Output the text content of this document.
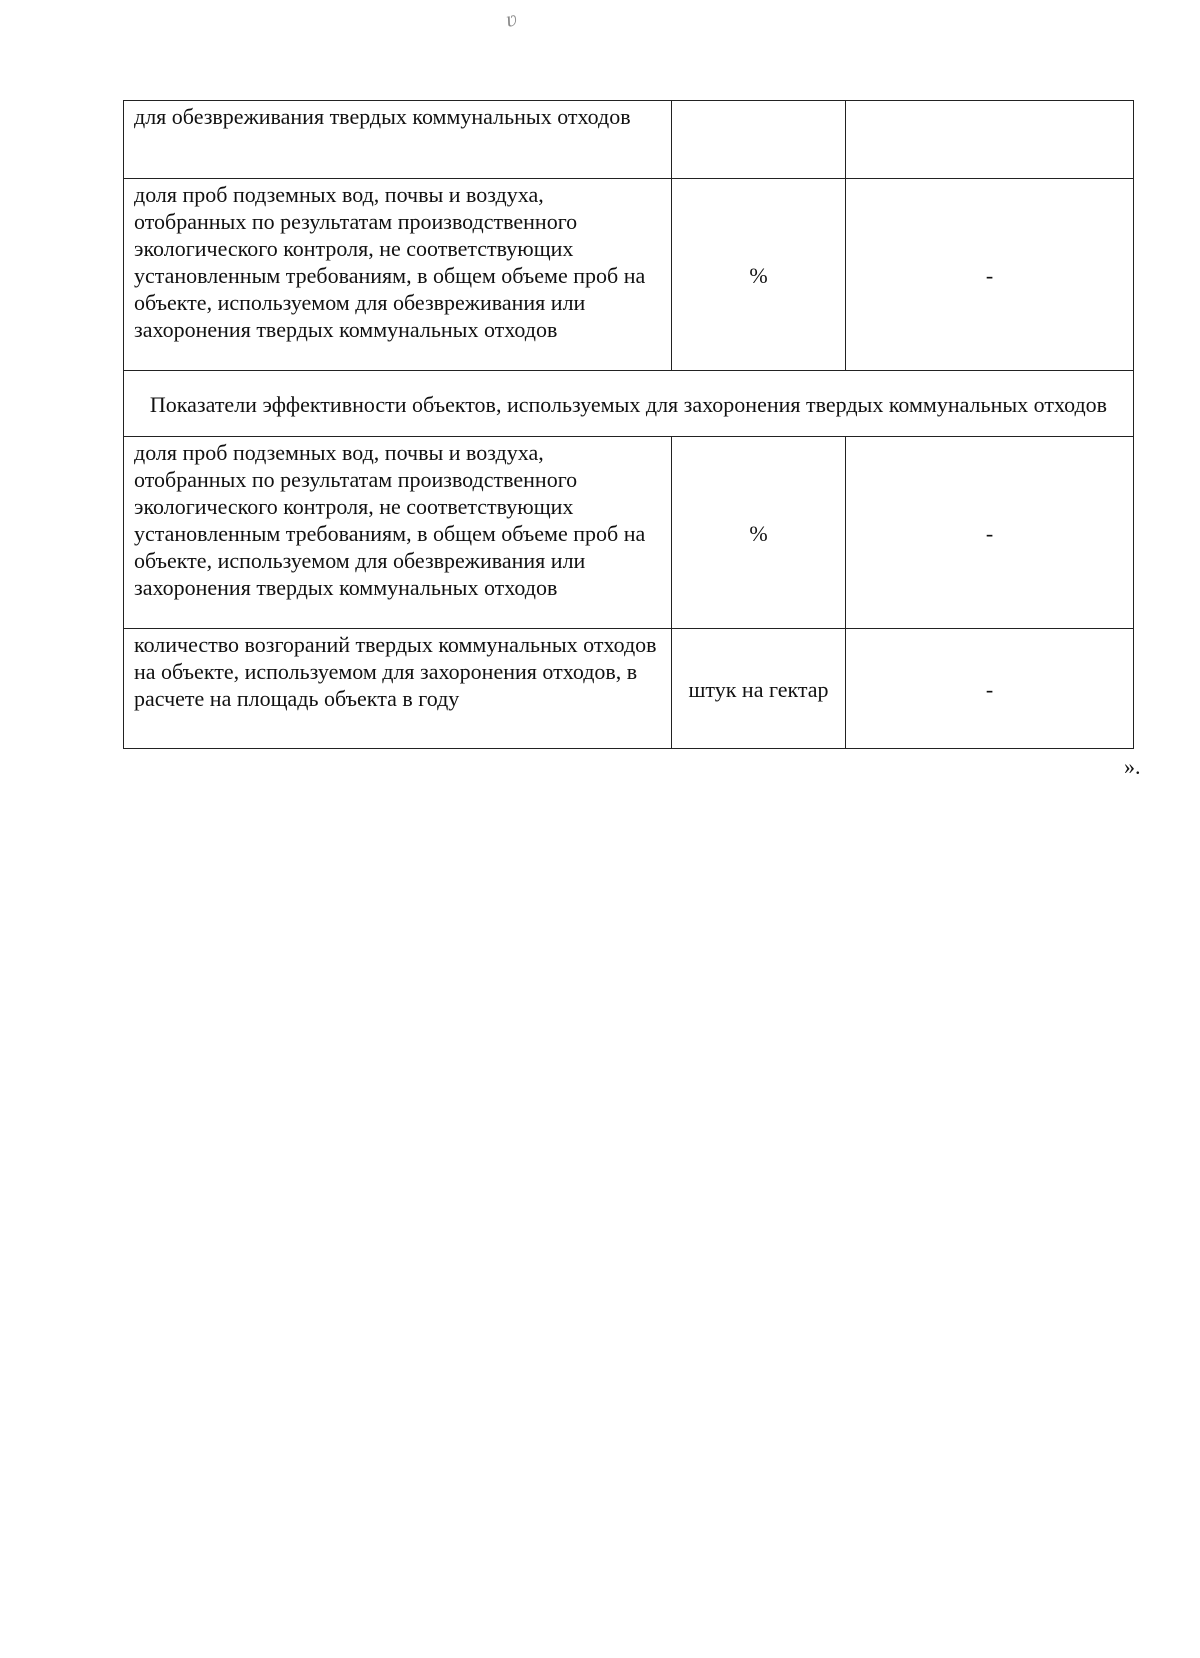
ʋ
для обезвреживания твердых коммунальных отходов		

доля проб подземных вод, почвы и воздуха, отобранных по результатам производственного экологического контроля, не соответствующих установленным требованиям, в общем объеме проб на объекте, используемом для обезвреживания или захоронения твердых коммунальных отходов	%	-
Показатели эффективности объектов, используемых для захоронения твердых коммунальных отходов		

доля проб подземных вод, почвы и воздуха, отобранных по результатам производственного экологического контроля, не соответствующих установленным требованиям, в общем объеме проб на объекте, используемом для обезвреживания или захоронения твердых коммунальных отходов	%	-

количество возгораний твердых коммунальных отходов на объекте, используемом для захоронения отходов, в расчете на площадь объекта в году	штук на гектар	-
».
